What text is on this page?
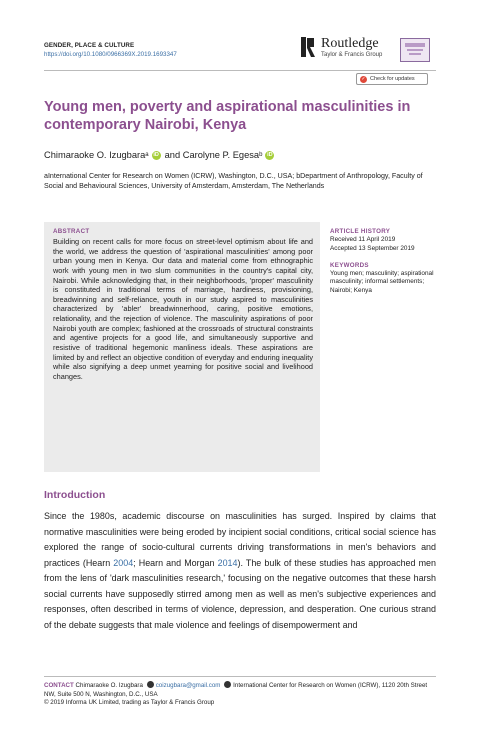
GENDER, PLACE & CULTURE
https://doi.org/10.1080/0966369X.2019.1693347
Routledge
Taylor & Francis Group
✓ Check for updates
Young men, poverty and aspirational masculinities in contemporary Nairobi, Kenya
Chimaraoke O. Izugbara a iD and
Carolyne P. Egesa b iD
aInternational Center for Research on Women (ICRW), Washington, D.C., USA; bDepartment of Anthropology, Faculty of Social and Behavioural Sciences, University of Amsterdam, Amsterdam, The Netherlands
ABSTRACT
Building on recent calls for more focus on street-level optimism about life and the world, we address the question of 'aspirational masculinities' among poor urban young men in Kenya. Our data and material come from ethnographic work with young men in two slum communities in the country's capital city, Nairobi. While acknowledging that, in their neighborhoods, 'proper' masculinity is constituted in traditional terms of marriage, hardiness, provisioning, breadwinning and self-reliance, youth in our study aspired to masculinities characterized by 'abler' breadwinnerhood, caring, positive emotions, relationality, and the rejection of violence. The masculinity aspirations of poor Nairobi youth are complex; fashioned at the crossroads of structural constraints and agentive projects for a good life, and simultaneously supportive and resistive of traditional hegemonic manliness ideals. These aspirations are limited by and reflect an objective condition of everyday and enduring inequality while also signifying a deep unmet yearning for positive social and livelihood changes.
ARTICLE HISTORY
Received 11 April 2019
Accepted 13 September 2019
KEYWORDS
Young men; masculinity; aspirational masculinity; informal settlements; Nairobi; Kenya
Introduction
Since the 1980s, academic discourse on masculinities has surged. Inspired by claims that normative masculinities were being eroded by incipient social conditions, critical social science has explored the range of socio-cultural currents driving transformations in men's behaviors and practices (Hearn 2004; Hearn and Morgan 2014). The bulk of these studies has approached men from the lens of 'dark masculinities research,' focusing on the negative outcomes that these harsh social currents have supposedly stirred among men as well as men's subjective experiences and responses, often described in terms of violence, depression, and desperation. One curious strand of the debate suggests that male violence and feelings of disempowerment and
CONTACT Chimaraoke O. Izugbara coizugbara@gmail.com International Center for Research on Women (ICRW), 1120 20th Street NW, Suite 500 N, Washington, D.C., USA
© 2019 Informa UK Limited, trading as Taylor & Francis Group
